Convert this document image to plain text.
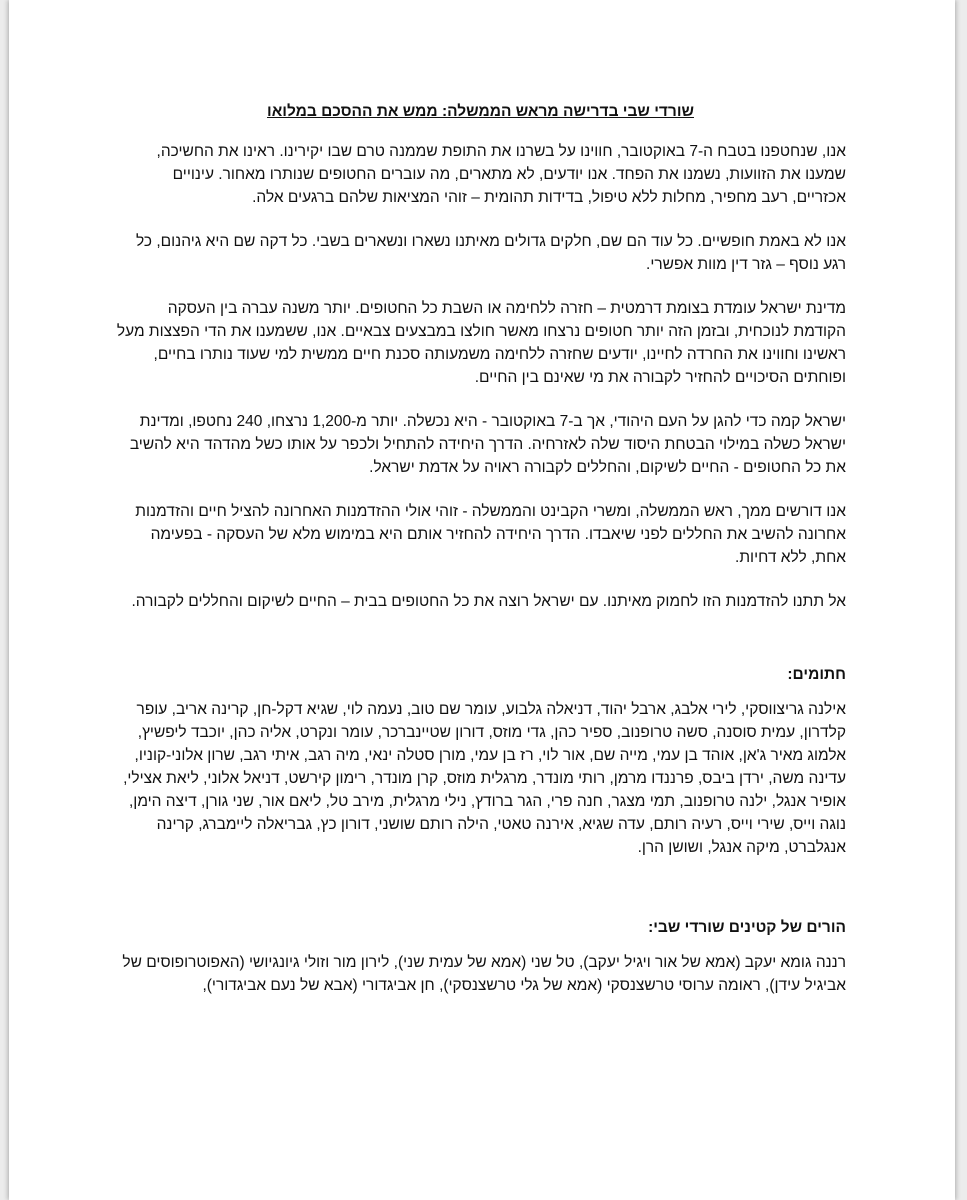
שורדי שבי בדרישה מראש הממשלה: ממש את ההסכם במלואו

אנו, שנחטפנו בטבח ה-7 באוקטובר, חווינו על בשרנו את התופת שממנה טרם שבו יקירינו. ראינו את החשיכה, שמענו את הזוועות, נשמנו את הפחד. אנו יודעים, לא מתארים, מה עוברים החטופים שנותרו מאחור. עינויים אכזריים, רעב מחפיר, מחלות ללא טיפול, בדידות תהומית – זוהי המציאות שלהם ברגעים אלה.

אנו לא באמת חופשיים. כל עוד הם שם, חלקים גדולים מאיתנו נשארו ונשארים בשבי. כל דקה שם היא גיהנום, כל רגע נוסף – גזר דין מוות אפשרי.

מדינת ישראל עומדת בצומת דרמטית – חזרה ללחימה או השבת כל החטופים. יותר משנה עברה בין העסקה הקודמת לנוכחית, ובזמן הזה יותר חטופים נרצחו מאשר חולצו במבצעים צבאיים. אנו, ששמענו את הדי הפצצות מעל ראשינו וחווינו את החרדה לחיינו, יודעים שחזרה ללחימה משמעותה סכנת חיים ממשית למי שעוד נותרו בחיים, ופוחתים הסיכויים להחזיר לקבורה את מי שאינם בין החיים.

ישראל קמה כדי להגן על העם היהודי, אך ב-7 באוקטובר - היא נכשלה. יותר מ-1,200 נרצחו, 240 נחטפו, ומדינת ישראל כשלה במילוי הבטחת היסוד שלה לאזרחיה. הדרך היחידה להתחיל ולכפר על אותו כשל מהדהד היא להשיב את כל החטופים - החיים לשיקום, והחללים לקבורה ראויה על אדמת ישראל.

אנו דורשים ממך, ראש הממשלה, ומשרי הקבינט והממשלה - זוהי אולי ההזדמנות האחרונה להציל חיים והזדמנות אחרונה להשיב את החללים לפני שיאבדו. הדרך היחידה להחזיר אותם היא במימוש מלא של העסקה - בפעימה אחת, ללא דחיות.

אל תתנו להזדמנות הזו לחמוק מאיתנו. עם ישראל רוצה את כל החטופים בבית – החיים לשיקום והחללים לקבורה.

חתומים:

אילנה גריצווסקי, לירי אלבג, ארבל יהוד, דניאלה גלבוע, עומר שם טוב, נעמה לוי, שגיא דקל-חן, קרינה אריב, עופר קלדרון, עמית סוסנה, סשה טרופנוב, ספיר כהן, גדי מוזס, דורון שטיינברכר, עומר ונקרט, אליה כהן, יוכבד ליפשיץ, אלמוג מאיר ג'אן, אוהד בן עמי, מייה שם, אור לוי, רז בן עמי, מורן סטלה ינאי, מיה רגב, איתי רגב, שרון אלוני-קוניו, עדינה משה, ירדן ביבס, פרננדו מרמן, רותי מונדר, מרגלית מוזס, קרן מונדר, רימון קירשט, דניאל אלוני, ליאת אצילי, אופיר אנגל, ילנה טרופנוב, תמי מצגר, חנה פרי, הגר ברודץ, נילי מרגלית, מירב טל, ליאם אור, שני גורן, דיצה הימן, נוגה וייס, שירי וייס, רעיה רותם, עדה שגיא, אירנה טאטי, הילה רותם שושני, דורון כץ, גבריאלה ליימברג, קרינה אנגלברט, מיקה אנגל, ושושן הרן.

הורים של קטינים שורדי שבי:

רננה גומא יעקב (אמא של אור ויגיל יעקב), טל שני (אמא של עמית שני), לירון מור וזולי גיונגיושי (האפוטרופוסים של אביגיל עידן), ראומה ערוסי טרשצנסקי (אמא של גלי טרשצנסקי), חן אביגדורי (אבא של נעם אביגדורי),
